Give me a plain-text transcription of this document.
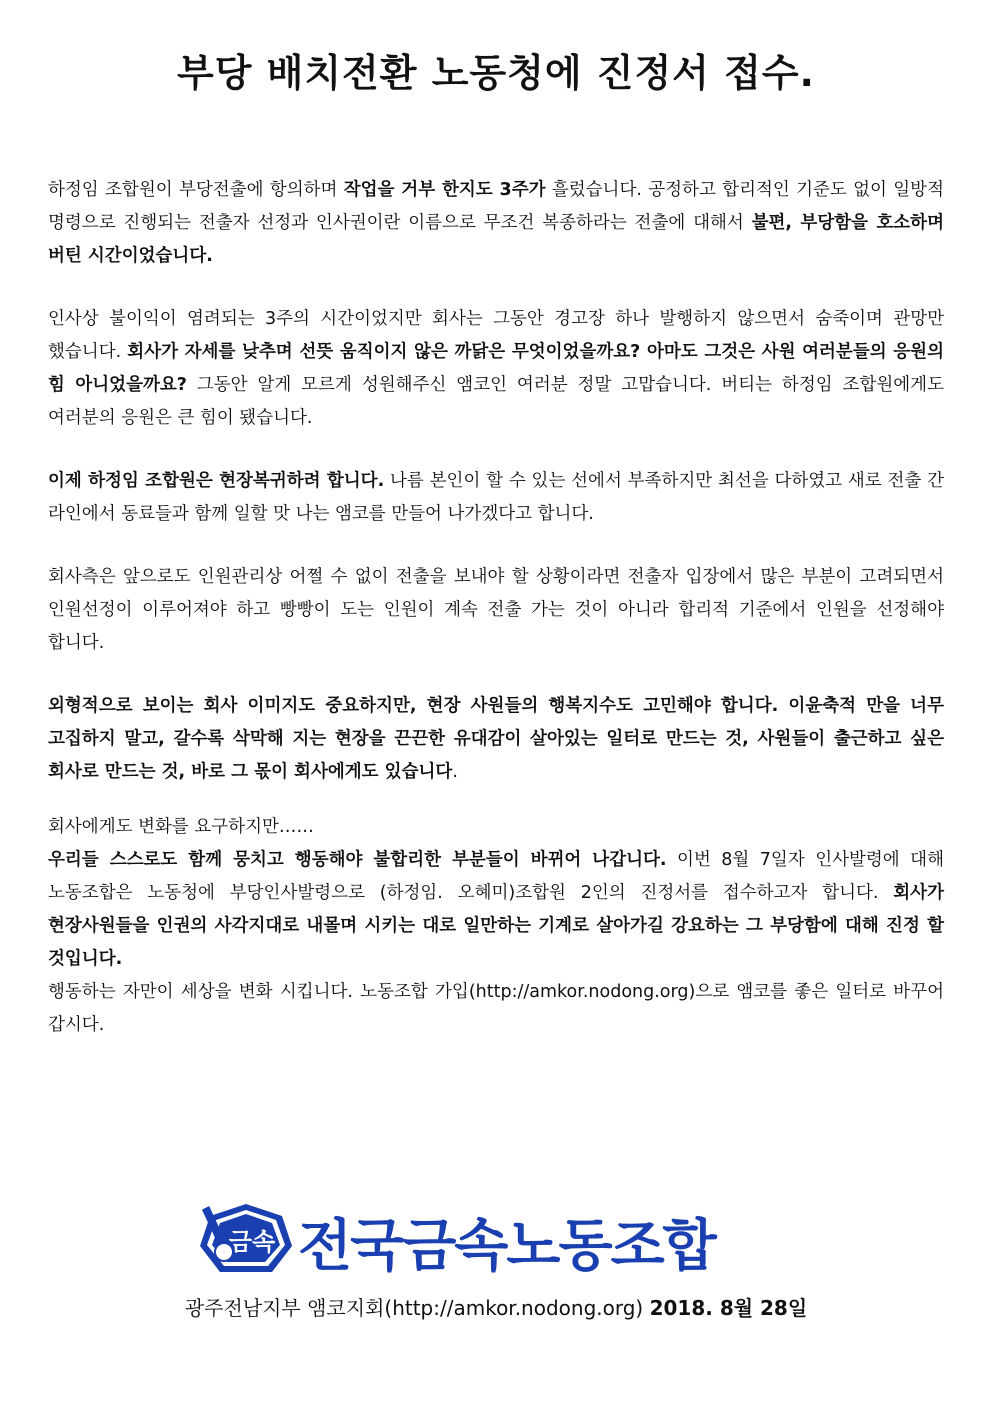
부당 배치전환 노동청에 진정서 접수.

하정임 조합원이 부당전출에 항의하며 작업을 거부 한지도 3주가 흘렀습니다. 공정하고 합리적인 기준도 없이 일방적 명령으로 진행되는 전출자 선정과 인사권이란 이름으로 무조건 복종하라는 전출에 대해서 불편, 부당함을 호소하며 버틴 시간이었습니다.

인사상 불이익이 염려되는 3주의 시간이었지만 회사는 그동안 경고장 하나 발행하지 않으면서 숨죽이며 관망만 했습니다. 회사가 자세를 낮추며 선뜻 움직이지 않은 까닭은 무엇이었을까요? 아마도 그것은 사원 여러분들의 응원의 힘 아니었을까요? 그동안 알게 모르게 성원해주신 앰코인 여러분 정말 고맙습니다. 버티는 하정임 조합원에게도 여러분의 응원은 큰 힘이 됐습니다.

이제 하정임 조합원은 현장복귀하려 합니다. 나름 본인이 할 수 있는 선에서 부족하지만 최선을 다하였고 새로 전출 간 라인에서 동료들과 함께 일할 맛 나는 앰코를 만들어 나가겠다고 합니다.

회사측은 앞으로도 인원관리상 어쩔 수 없이 전출을 보내야 할 상황이라면 전출자 입장에서 많은 부분이 고려되면서 인원선정이 이루어져야 하고 빵빵이 도는 인원이 계속 전출 가는 것이 아니라 합리적 기준에서 인원을 선정해야 합니다.

외형적으로 보이는 회사 이미지도 중요하지만, 현장 사원들의 행복지수도 고민해야 합니다. 이윤축적 만을 너무 고집하지 말고, 갈수록 삭막해 지는 현장을 끈끈한 유대감이 살아있는 일터로 만드는 것, 사원들이 출근하고 싶은 회사로 만드는 것, 바로 그 몫이 회사에게도 있습니다.

회사에게도 변화를 요구하지만……

우리들 스스로도 함께 뭉치고 행동해야 불합리한 부분들이 바뀌어 나갑니다. 이번 8월 7일자 인사발령에 대해 노동조합은 노동청에 부당인사발령으로 (하정임. 오혜미)조합원 2인의 진정서를 접수하고자 합니다. 회사가 현장사원들을 인권의 사각지대로 내몰며 시키는 대로 일만하는 기계로 살아가길 강요하는 그 부당함에 대해 진정 할 것입니다.

행동하는 자만이 세상을 변화 시킵니다. 노동조합 가입(http://amkor.nodong.org)으로 앰코를 좋은 일터로 바꾸어 갑시다.

금속 전국금속노동조합
광주전남지부 앰코지회(http://amkor.nodong.org) 2018. 8월 28일
